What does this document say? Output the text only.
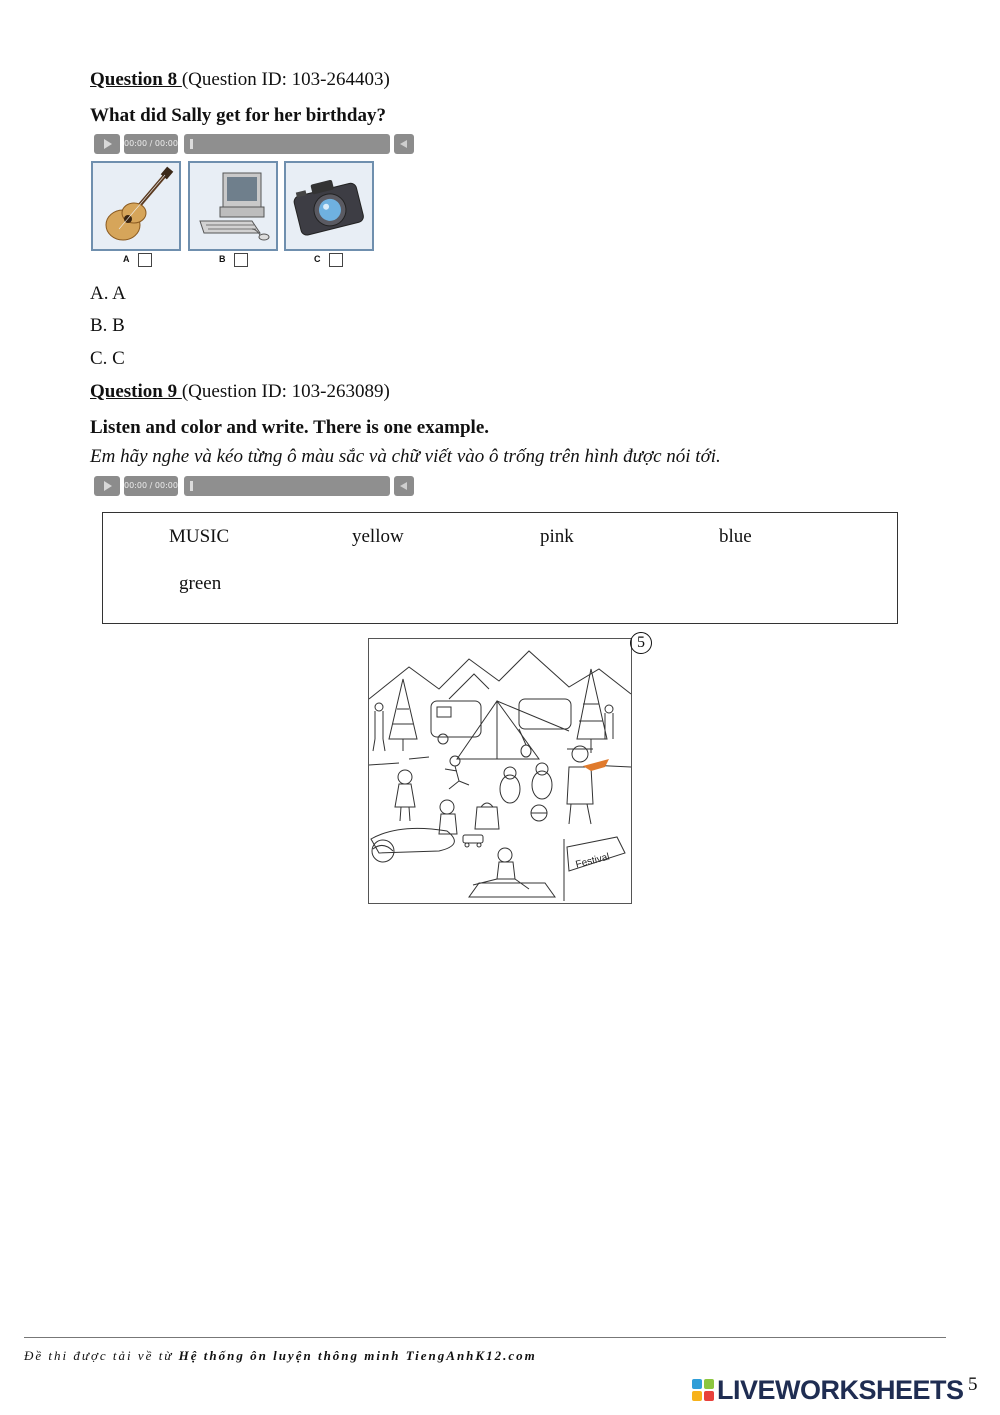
Question 8 (Question ID: 103-264403)
What did Sally get for her birthday?
00:00 / 00:00
A	B	C
A. A
B. B
C. C
Question 9 (Question ID: 103-263089)
Listen and color and write. There is one example.
Em hãy nghe và kéo từng ô màu sắc và chữ viết vào ô trống trên hình được nói tới.
00:00 / 00:00
MUSIC	yellow	pink	blue
green
Festival
5
Đề thi được tải về từ Hệ thống ôn luyện thông minh TiengAnhK12.com
LIVEWORKSHEETS 5
